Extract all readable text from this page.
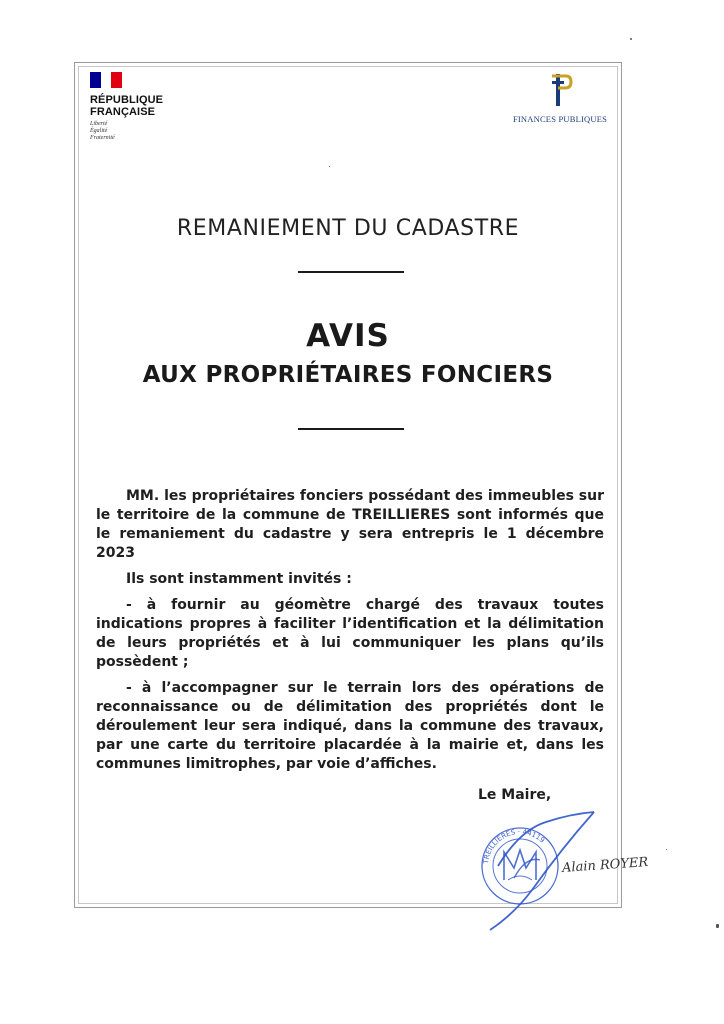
RÉPUBLIQUE
FRANÇAISE
Liberté
Égalité
Fraternité
FINANCES PUBLIQUES
REMANIEMENT DU CADASTRE
AVIS
AUX PROPRIÉTAIRES FONCIERS

MM. les propriétaires fonciers possédant des immeubles sur le territoire de la commune de TREILLIERES sont informés que le remaniement du cadastre y sera entrepris le 1 décembre 2023

Ils sont instamment invités :

- à fournir au géomètre chargé des travaux toutes indications propres à faciliter l’identification et la délimitation de leurs propriétés et à lui communiquer les plans qu’ils possèdent ;

- à l’accompagner sur le terrain lors des opérations de reconnaissance ou de délimitation des propriétés dont le déroulement leur sera indiqué, dans la commune des travaux, par une carte du territoire placardée à la mairie et, dans les communes limitrophes, par voie d’affiches.

Le Maire,
TREILLIERES · 44119
Alain ROYER
